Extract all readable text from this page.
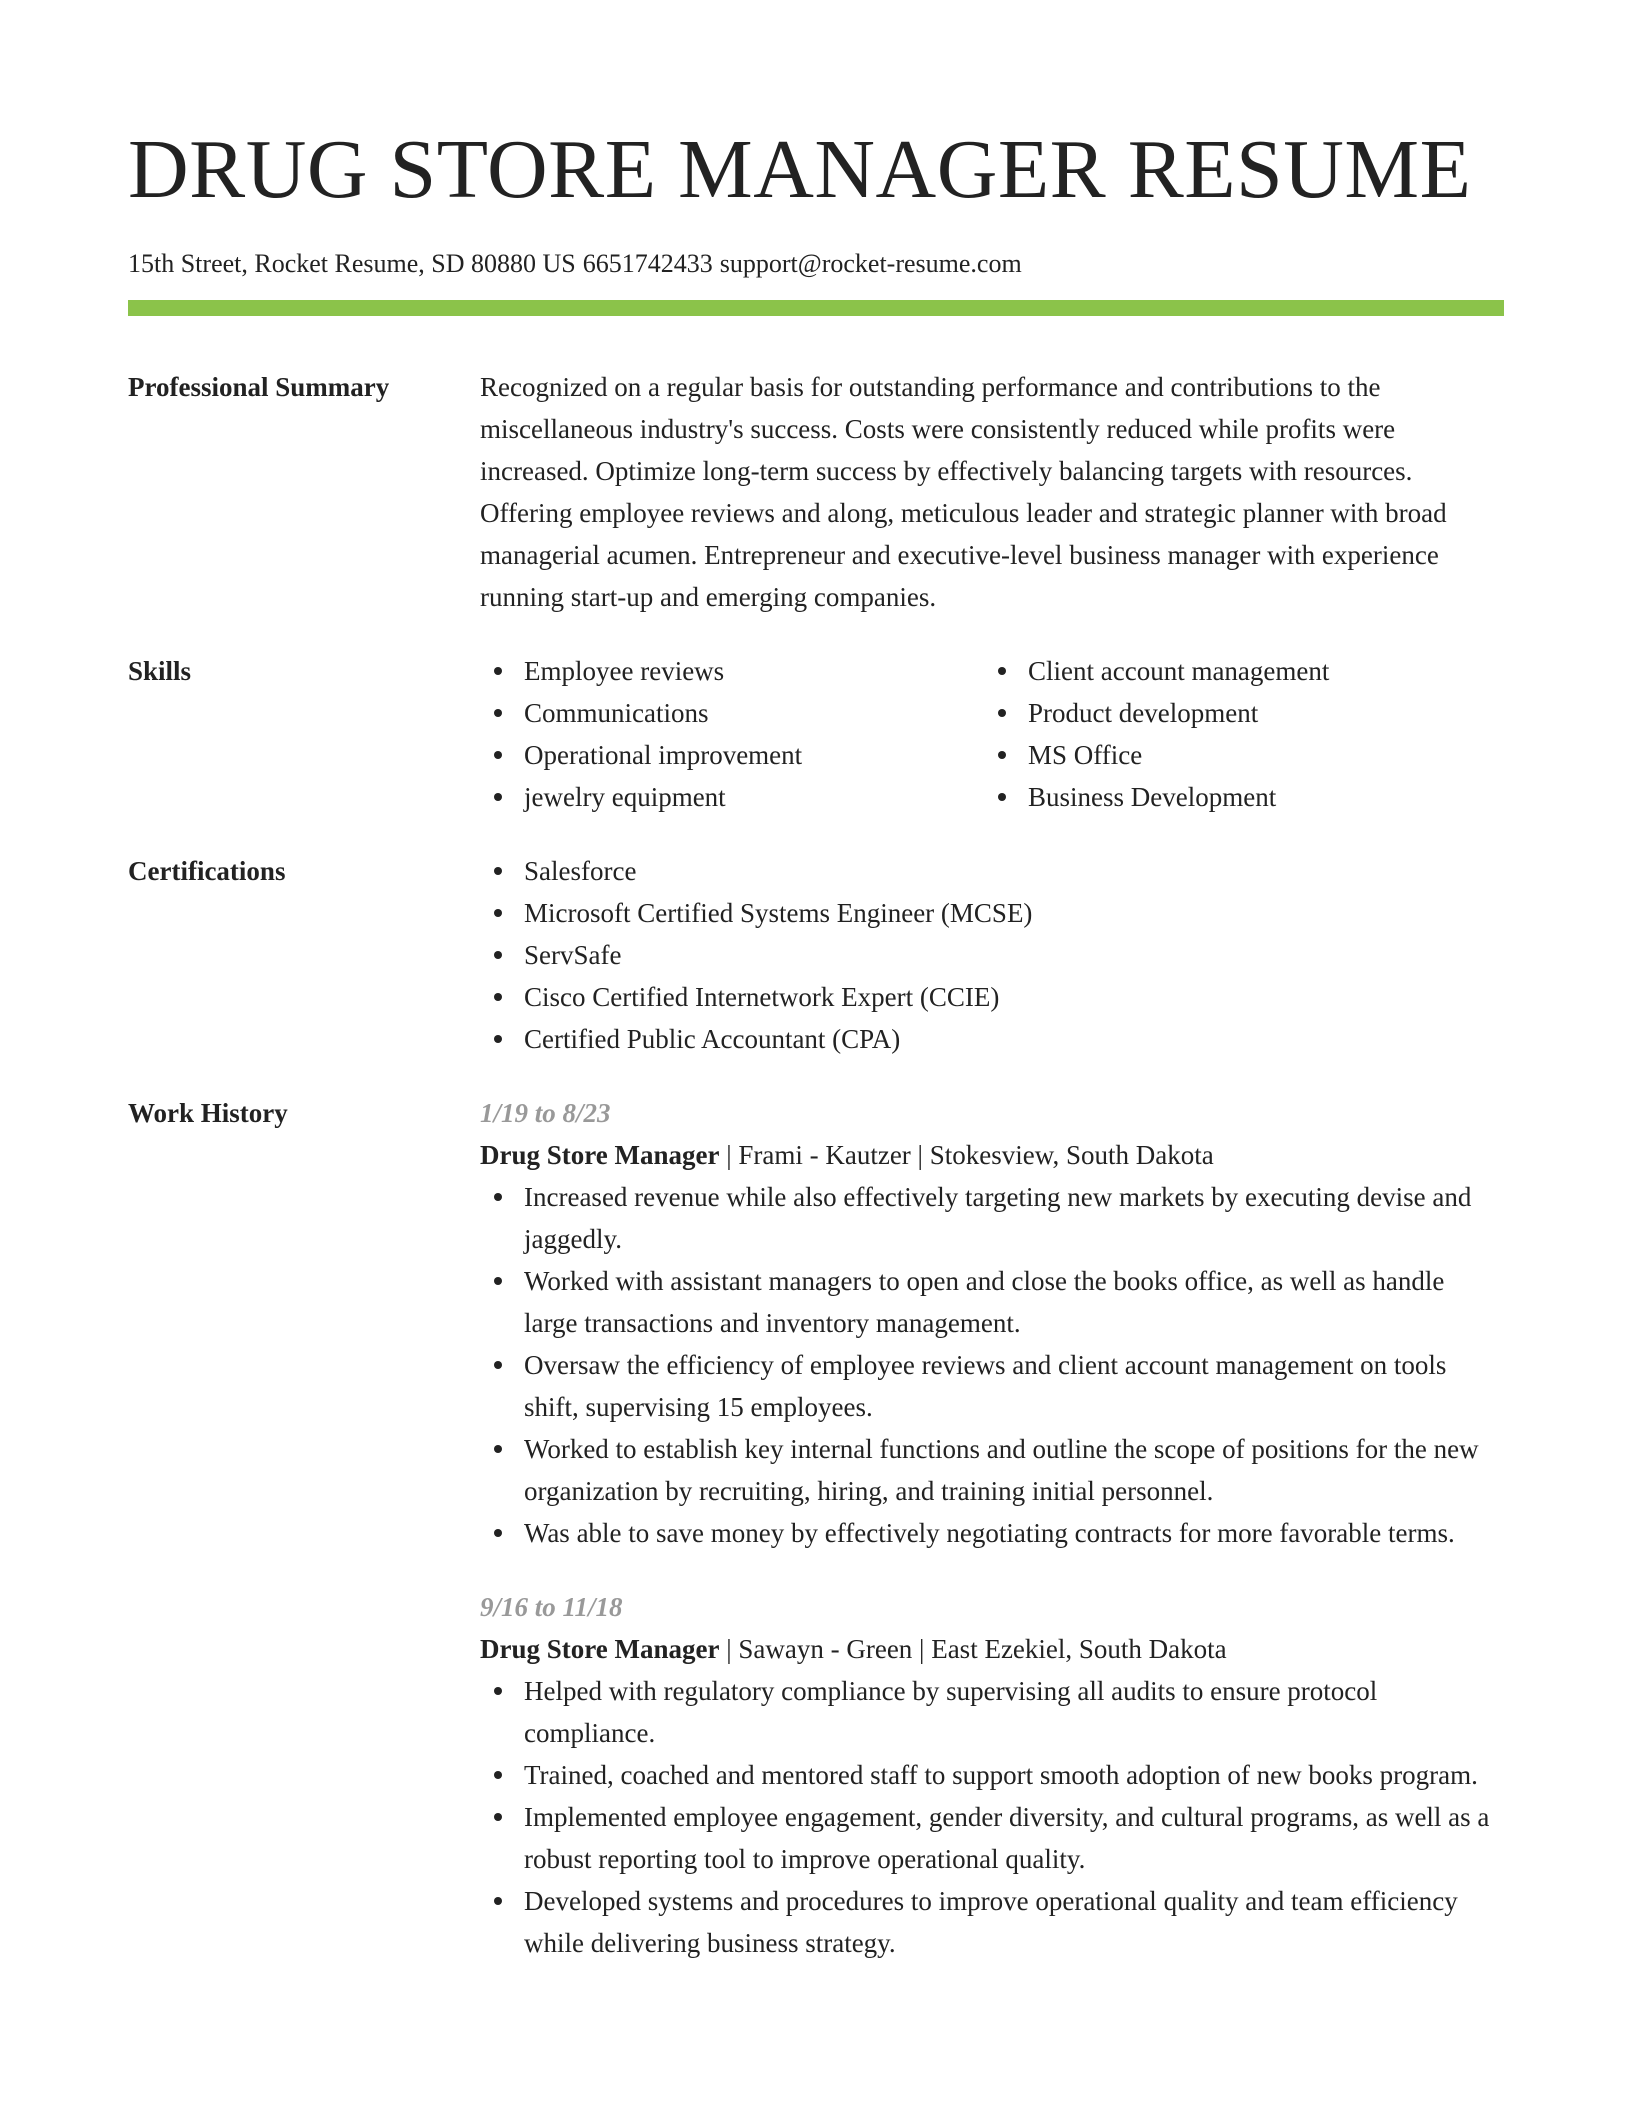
DRUG STORE MANAGER RESUME
15th Street, Rocket Resume, SD 80880 US 6651742433 support@rocket-resume.com
Professional Summary	Recognized on a regular basis for outstanding performance and contributions to the miscellaneous industry's success. Costs were consistently reduced while profits were increased. Optimize long-term success by effectively balancing targets with resources. Offering employee reviews and along, meticulous leader and strategic planner with broad managerial acumen. Entrepreneur and executive-level business manager with experience running start-up and emerging companies.
Skills	Employee reviews
Communications
Operational improvement
jewelry equipment
Client account management
Product development
MS Office
Business Development
Certifications	Salesforce
Microsoft Certified Systems Engineer (MCSE)
ServSafe
Cisco Certified Internetwork Expert (CCIE)
Certified Public Accountant (CPA)
Work History	1/19 to 8/23
Drug Store Manager | Frami - Kautzer | Stokesview, South Dakota
Increased revenue while also effectively targeting new markets by executing devise and jaggedly.
Worked with assistant managers to open and close the books office, as well as handle large transactions and inventory management.
Oversaw the efficiency of employee reviews and client account management on tools shift, supervising 15 employees.
Worked to establish key internal functions and outline the scope of positions for the new organization by recruiting, hiring, and training initial personnel.
Was able to save money by effectively negotiating contracts for more favorable terms.
9/16 to 11/18
Drug Store Manager | Sawayn - Green | East Ezekiel, South Dakota
Helped with regulatory compliance by supervising all audits to ensure protocol compliance.
Trained, coached and mentored staff to support smooth adoption of new books program.
Implemented employee engagement, gender diversity, and cultural programs, as well as a robust reporting tool to improve operational quality.
Developed systems and procedures to improve operational quality and team efficiency while delivering business strategy.
